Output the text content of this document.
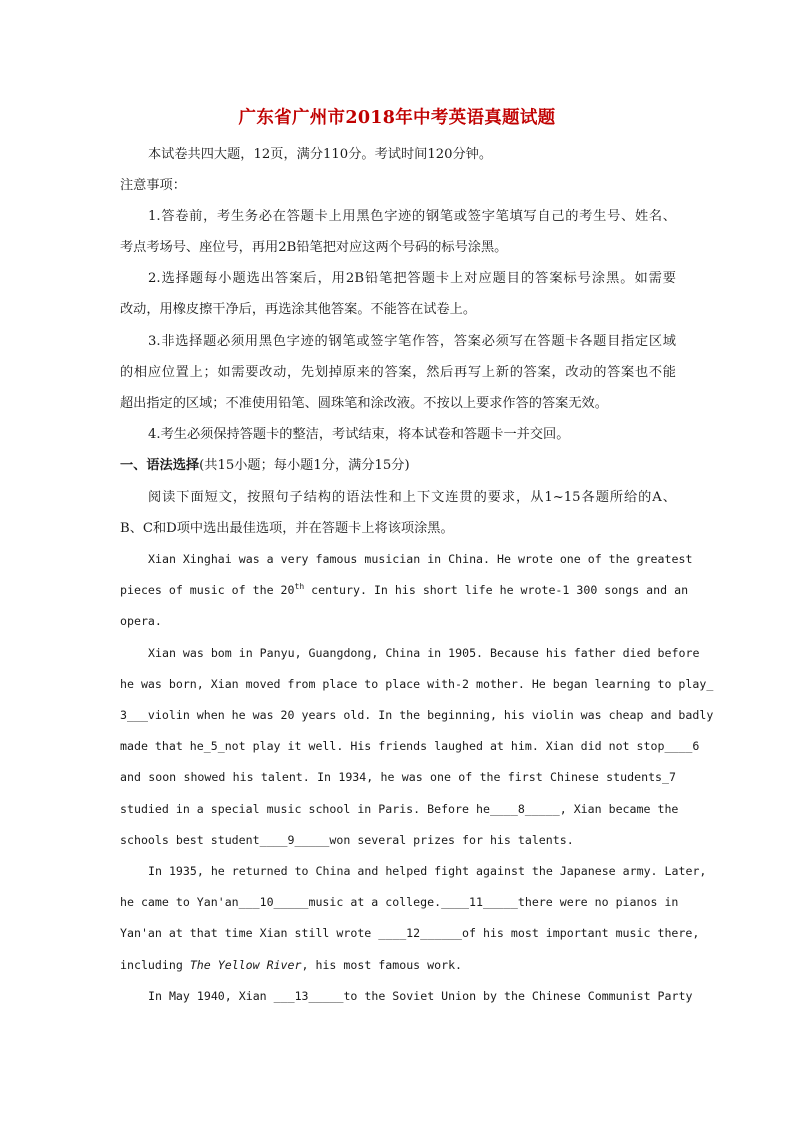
广东省广州市2018年中考英语真题试题
本试卷共四大题，12页，满分110分。考试时间120分钟。
注意事项：
1.答卷前，考生务必在答题卡上用黑色字迹的钢笔或签字笔填写自己的考生号、姓名、
考点考场号、座位号，再用2B铅笔把对应这两个号码的标号涂黑。
2.选择题每小题选出答案后，用2B铅笔把答题卡上对应题目的答案标号涂黑。如需要
改动，用橡皮擦干净后，再选涂其他答案。不能答在试卷上。
3.非选择题必须用黑色字迹的钢笔或签字笔作答，答案必须写在答题卡各题目指定区域
的相应位置上；如需要改动，先划掉原来的答案，然后再写上新的答案，改动的答案也不能
超出指定的区域；不准使用铅笔、圆珠笔和涂改液。不按以上要求作答的答案无效。
4.考生必须保持答题卡的整洁，考试结束，将本试卷和答题卡一并交回。
一、语法选择(共15小题；每小题1分，满分15分)
阅读下面短文，按照句子结构的语法性和上下文连贯的要求，从1~15各题所给的A、
B、C和D项中选出最佳选项，并在答题卡上将该项涂黑。
Xian Xinghai was a very famous musician in China. He wrote one of the greatest
pieces of music of the 20th century. In his short life he wrote-1 300 songs and an
opera.
Xian was bom in Panyu, Guangdong, China in 1905. Because his father died before
he was born, Xian moved from place to place with-2 mother. He began learning to play_
3___violin when he was 20 years old. In the beginning, his violin was cheap and badly
made that he_5_not play it well. His friends laughed at him. Xian did not stop____6
and soon showed his talent. In 1934, he was one of the first Chinese students_7
studied in a special music school in Paris. Before he____8_____, Xian became the
schools best student____9_____won several prizes for his talents.
In 1935, he returned to China and helped fight against the Japanese army. Later,
he came to Yan'an___10_____music at a college.____11_____there were no pianos in
Yan'an at that time Xian still wrote ____12______of his most important music there,
including The Yellow River, his most famous work.
In May 1940, Xian ___13_____to the Soviet Union by the Chinese Communist Party
